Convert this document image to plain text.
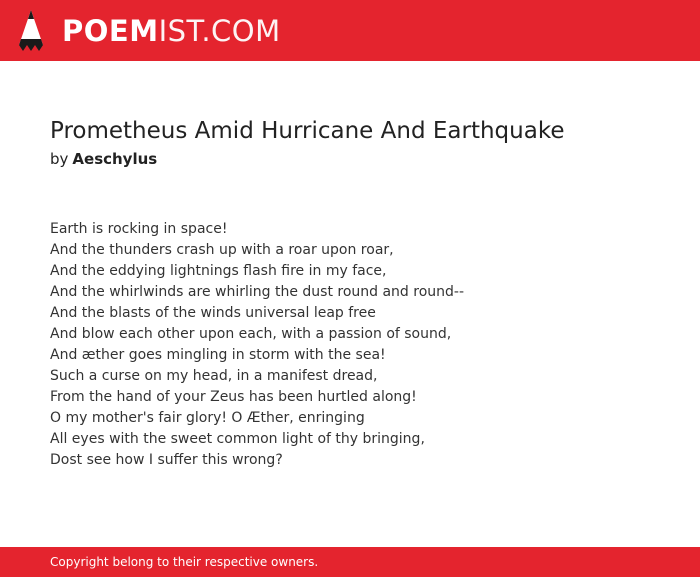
POEMIST.COM
Prometheus Amid Hurricane And Earthquake
by Aeschylus
Earth is rocking in space!
And the thunders crash up with a roar upon roar,
And the eddying lightnings flash fire in my face,
And the whirlwinds are whirling the dust round and round--
And the blasts of the winds universal leap free
And blow each other upon each, with a passion of sound,
And æther goes mingling in storm with the sea!
Such a curse on my head, in a manifest dread,
From the hand of your Zeus has been hurtled along!
O my mother's fair glory! O Æther, enringing
All eyes with the sweet common light of thy bringing,
Dost see how I suffer this wrong?
Copyright belong to their respective owners.
